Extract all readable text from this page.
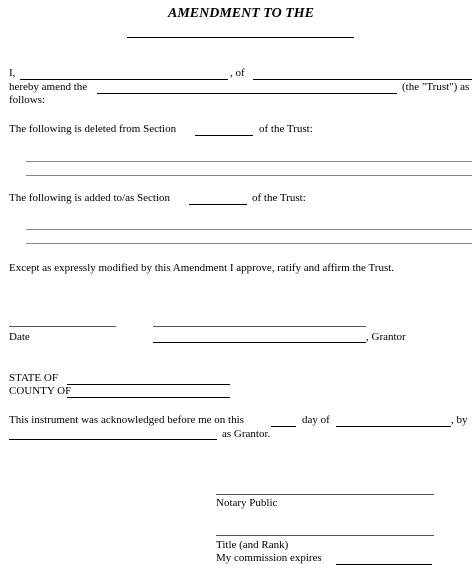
AMENDMENT TO THE
I,	, of
hereby amend the	(the "Trust") as
follows:
The following is deleted from Section	of the Trust:
The following is added to/as Section	of the Trust:
Except as expressly modified by this Amendment I approve, ratify and affirm the Trust.
Date	, Grantor
STATE OF
COUNTY OF
This instrument was acknowledged before me on this	day of	, by
as Grantor.
Notary Public
Title (and Rank)
My commission expires
